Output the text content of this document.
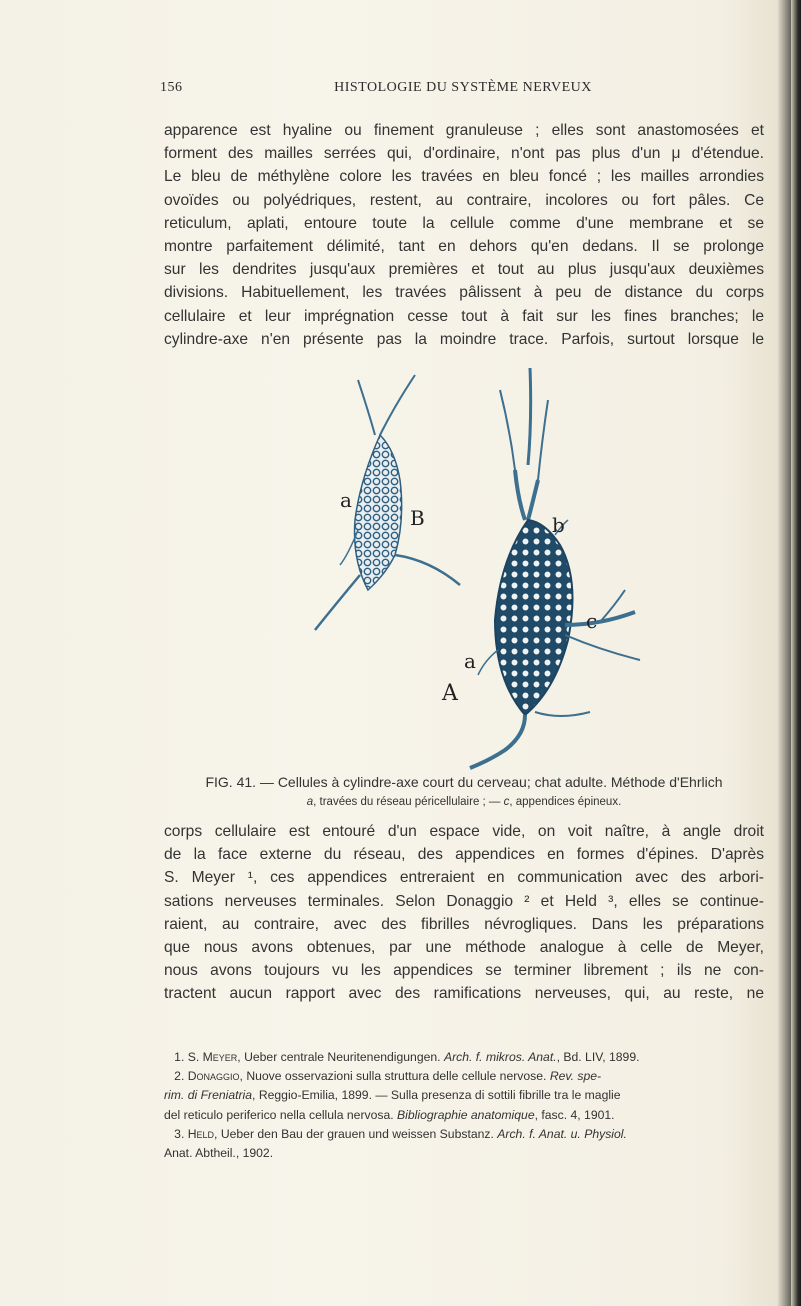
156	HISTOLOGIE DU SYSTÈME NERVEUX
apparence est hyaline ou finement granuleuse ; elles sont anastomosées et
forment des mailles serrées qui, d'ordinaire, n'ont pas plus d'un μ d'étendue.
Le bleu de méthylène colore les travées en bleu foncé ; les mailles arrondies
ovoïdes ou polyédriques, restent, au contraire, incolores ou fort pâles. Ce
reticulum, aplati, entoure toute la cellule comme d'une membrane et se
montre parfaitement délimité, tant en dehors qu'en dedans. Il se prolonge
sur les dendrites jusqu'aux premières et tout au plus jusqu'aux deuxièmes
divisions. Habituellement, les travées pâlissent à peu de distance du corps
cellulaire et leur imprégnation cesse tout à fait sur les fines branches; le
cylindre-axe n'en présente pas la moindre trace. Parfois, surtout lorsque le
a
B	b
c
a
A
FIG. 41. — Cellules à cylindre-axe court du cerveau; chat adulte. Méthode d'Ehrlich
a, travées du réseau péricellulaire ; — c, appendices épineux.
corps cellulaire est entouré d'un espace vide, on voit naître, à angle droit
de la face externe du réseau, des appendices en formes d'épines. D'après
S. Meyer ¹, ces appendices entreraient en communication avec des arbori-
sations nerveuses terminales. Selon Donaggio ² et Held ³, elles se continue-
raient, au contraire, avec des fibrilles névrogliques. Dans les préparations
que nous avons obtenues, par une méthode analogue à celle de Meyer,
nous avons toujours vu les appendices se terminer librement ; ils ne con-
tractent aucun rapport avec des ramifications nerveuses, qui, au reste, ne
1. S. Meyer, Ueber centrale Neuritenendigungen. Arch. f. mikros. Anat., Bd. LIV, 1899.
2. Donaggio, Nuove osservazioni sulla struttura delle cellule nervose. Rev. spe-
rim. di Freniatria, Reggio-Emilia, 1899. — Sulla presenza di sottili fibrille tra le maglie
del reticulo periferico nella cellula nervosa. Bibliographie anatomique, fasc. 4, 1901.
3. Held, Ueber den Bau der grauen und weissen Substanz. Arch. f. Anat. u. Physiol.
Anat. Abtheil., 1902.
